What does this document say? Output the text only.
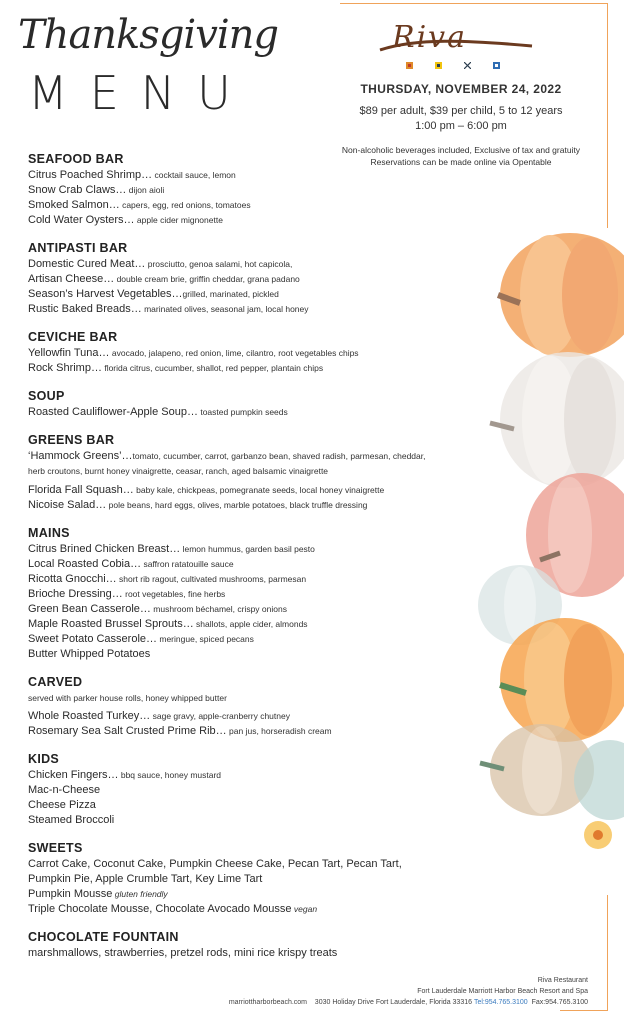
Thanksgiving
MENU
Riva
THURSDAY, NOVEMBER 24, 2022
$89 per adult, $39 per child, 5 to 12 years
1:00 pm – 6:00 pm
Non-alcoholic beverages included, Exclusive of tax and gratuity
Reservations can be made online via Opentable
SEAFOOD BAR
Citrus Poached Shrimp… cocktail sauce, lemon
Snow Crab Claws… dijon aioli
Smoked Salmon… capers, egg, red onions, tomatoes
Cold Water Oysters… apple cider mignonette
ANTIPASTI BAR
Domestic Cured Meat… prosciutto, genoa salami, hot capicola,
Artisan Cheese… double cream brie, griffin cheddar, grana padano
Season’s Harvest Vegetables…grilled, marinated, pickled
Rustic Baked Breads… marinated olives, seasonal jam, local honey
CEVICHE BAR
Yellowfin Tuna… avocado, jalapeno, red onion, lime, cilantro, root vegetables chips
Rock Shrimp… florida citrus, cucumber, shallot, red pepper, plantain chips
SOUP
Roasted Cauliflower-Apple Soup… toasted pumpkin seeds
GREENS BAR
‘Hammock Greens’…tomato, cucumber, carrot, garbanzo bean, shaved radish, parmesan, cheddar, herb croutons, burnt honey vinaigrette, ceasar, ranch, aged balsamic vinaigrette
Florida Fall Squash… baby kale, chickpeas, pomegranate seeds, local honey vinaigrette
Nicoise Salad… pole beans, hard eggs, olives, marble potatoes, black truffle dressing
MAINS
Citrus Brined Chicken Breast… lemon hummus, garden basil pesto
Local Roasted Cobia… saffron ratatouille sauce
Ricotta Gnocchi… short rib ragout, cultivated mushrooms, parmesan
Brioche Dressing… root vegetables, fine herbs
Green Bean Casserole… mushroom béchamel, crispy onions
Maple Roasted Brussel Sprouts… shallots, apple cider, almonds
Sweet Potato Casserole… meringue, spiced pecans
Butter Whipped Potatoes
CARVED
served with parker house rolls, honey whipped butter
Whole Roasted Turkey… sage gravy, apple-cranberry chutney
Rosemary Sea Salt Crusted Prime Rib… pan jus, horseradish cream
KIDS
Chicken Fingers… bbq sauce, honey mustard
Mac-n-Cheese
Cheese Pizza
Steamed Broccoli
SWEETS
Carrot Cake, Coconut Cake, Pumpkin Cheese Cake, Pecan Tart, Pecan Tart,
Pumpkin Pie, Apple Crumble Tart, Key Lime Tart
Pumpkin Mousse gluten friendly
Triple Chocolate Mousse, Chocolate Avocado Mousse vegan
CHOCOLATE FOUNTAIN
marshmallows, strawberries, pretzel rods, mini rice krispy treats
Riva Restaurant
Fort Lauderdale Marriott Harbor Beach Resort and Spa
marriottharborbeach.com 3030 Holiday Drive Fort Lauderdale, Florida 33316 Tel:954.765.3100 Fax:954.765.3100
